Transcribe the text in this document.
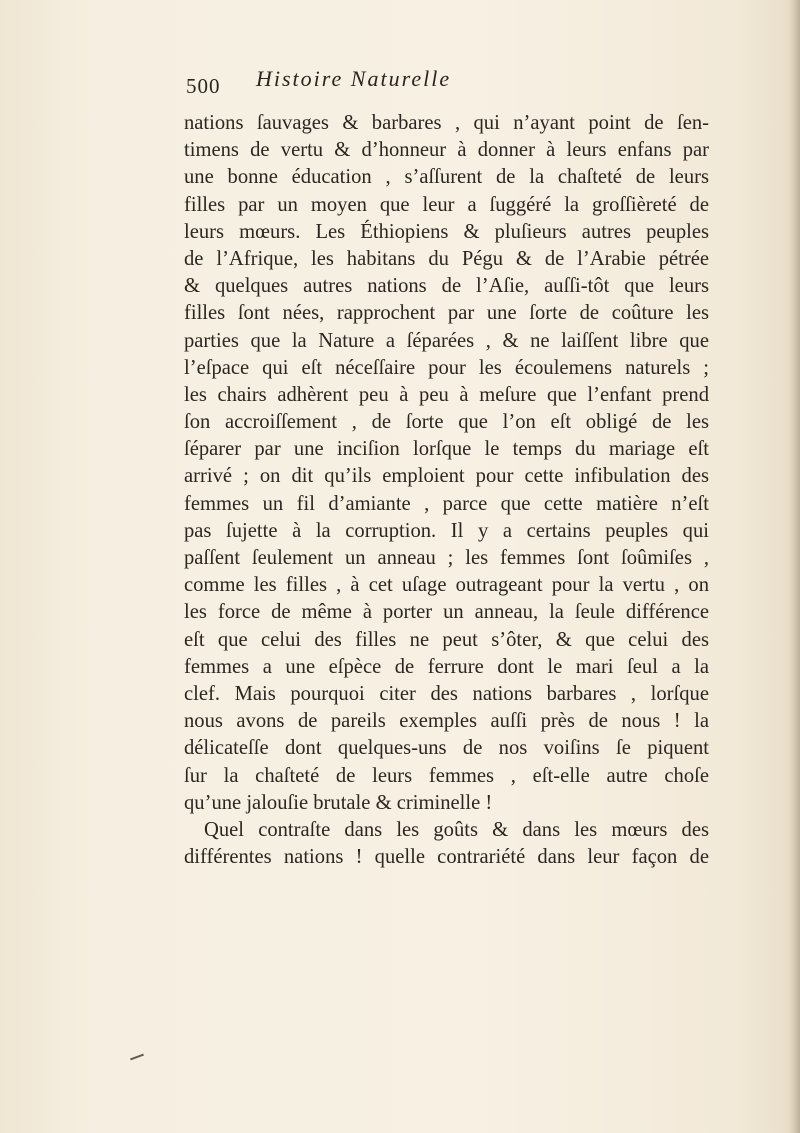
500 Histoire Naturelle
nations ſauvages & barbares , qui n’ayant point de ſen-
timens de vertu & d’honneur à donner à leurs enfans par
une bonne éducation , s’aſſurent de la chaſteté de leurs
filles par un moyen que leur a ſuggéré la groſſièreté de
leurs mœurs. Les Éthiopiens & pluſieurs autres peuples
de l’Afrique, les habitans du Pégu & de l’Arabie pétrée
& quelques autres nations de l’Aſie, auſſi-tôt que leurs
filles ſont nées, rapprochent par une ſorte de coûture les
parties que la Nature a ſéparées , & ne laiſſent libre que
l’eſpace qui eſt néceſſaire pour les écoulemens naturels ;
les chairs adhèrent peu à peu à meſure que l’enfant prend
ſon accroiſſement , de ſorte que l’on eſt obligé de les
ſéparer par une inciſion lorſque le temps du mariage eſt
arrivé ; on dit qu’ils emploient pour cette infibulation des
femmes un fil d’amiante , parce que cette matière n’eſt
pas ſujette à la corruption. Il y a certains peuples qui
paſſent ſeulement un anneau ; les femmes ſont ſoûmiſes ,
comme les filles , à cet uſage outrageant pour la vertu , on
les force de même à porter un anneau, la ſeule différence
eſt que celui des filles ne peut s’ôter, & que celui des
femmes a une eſpèce de ferrure dont le mari ſeul a la
clef. Mais pourquoi citer des nations barbares , lorſque
nous avons de pareils exemples auſſi près de nous ! la
délicateſſe dont quelques-uns de nos voiſins ſe piquent
ſur la chaſteté de leurs femmes , eſt-elle autre choſe
qu’une jalouſie brutale & criminelle !
Quel contraſte dans les goûts & dans les mœurs des
différentes nations ! quelle contrariété dans leur façon de
